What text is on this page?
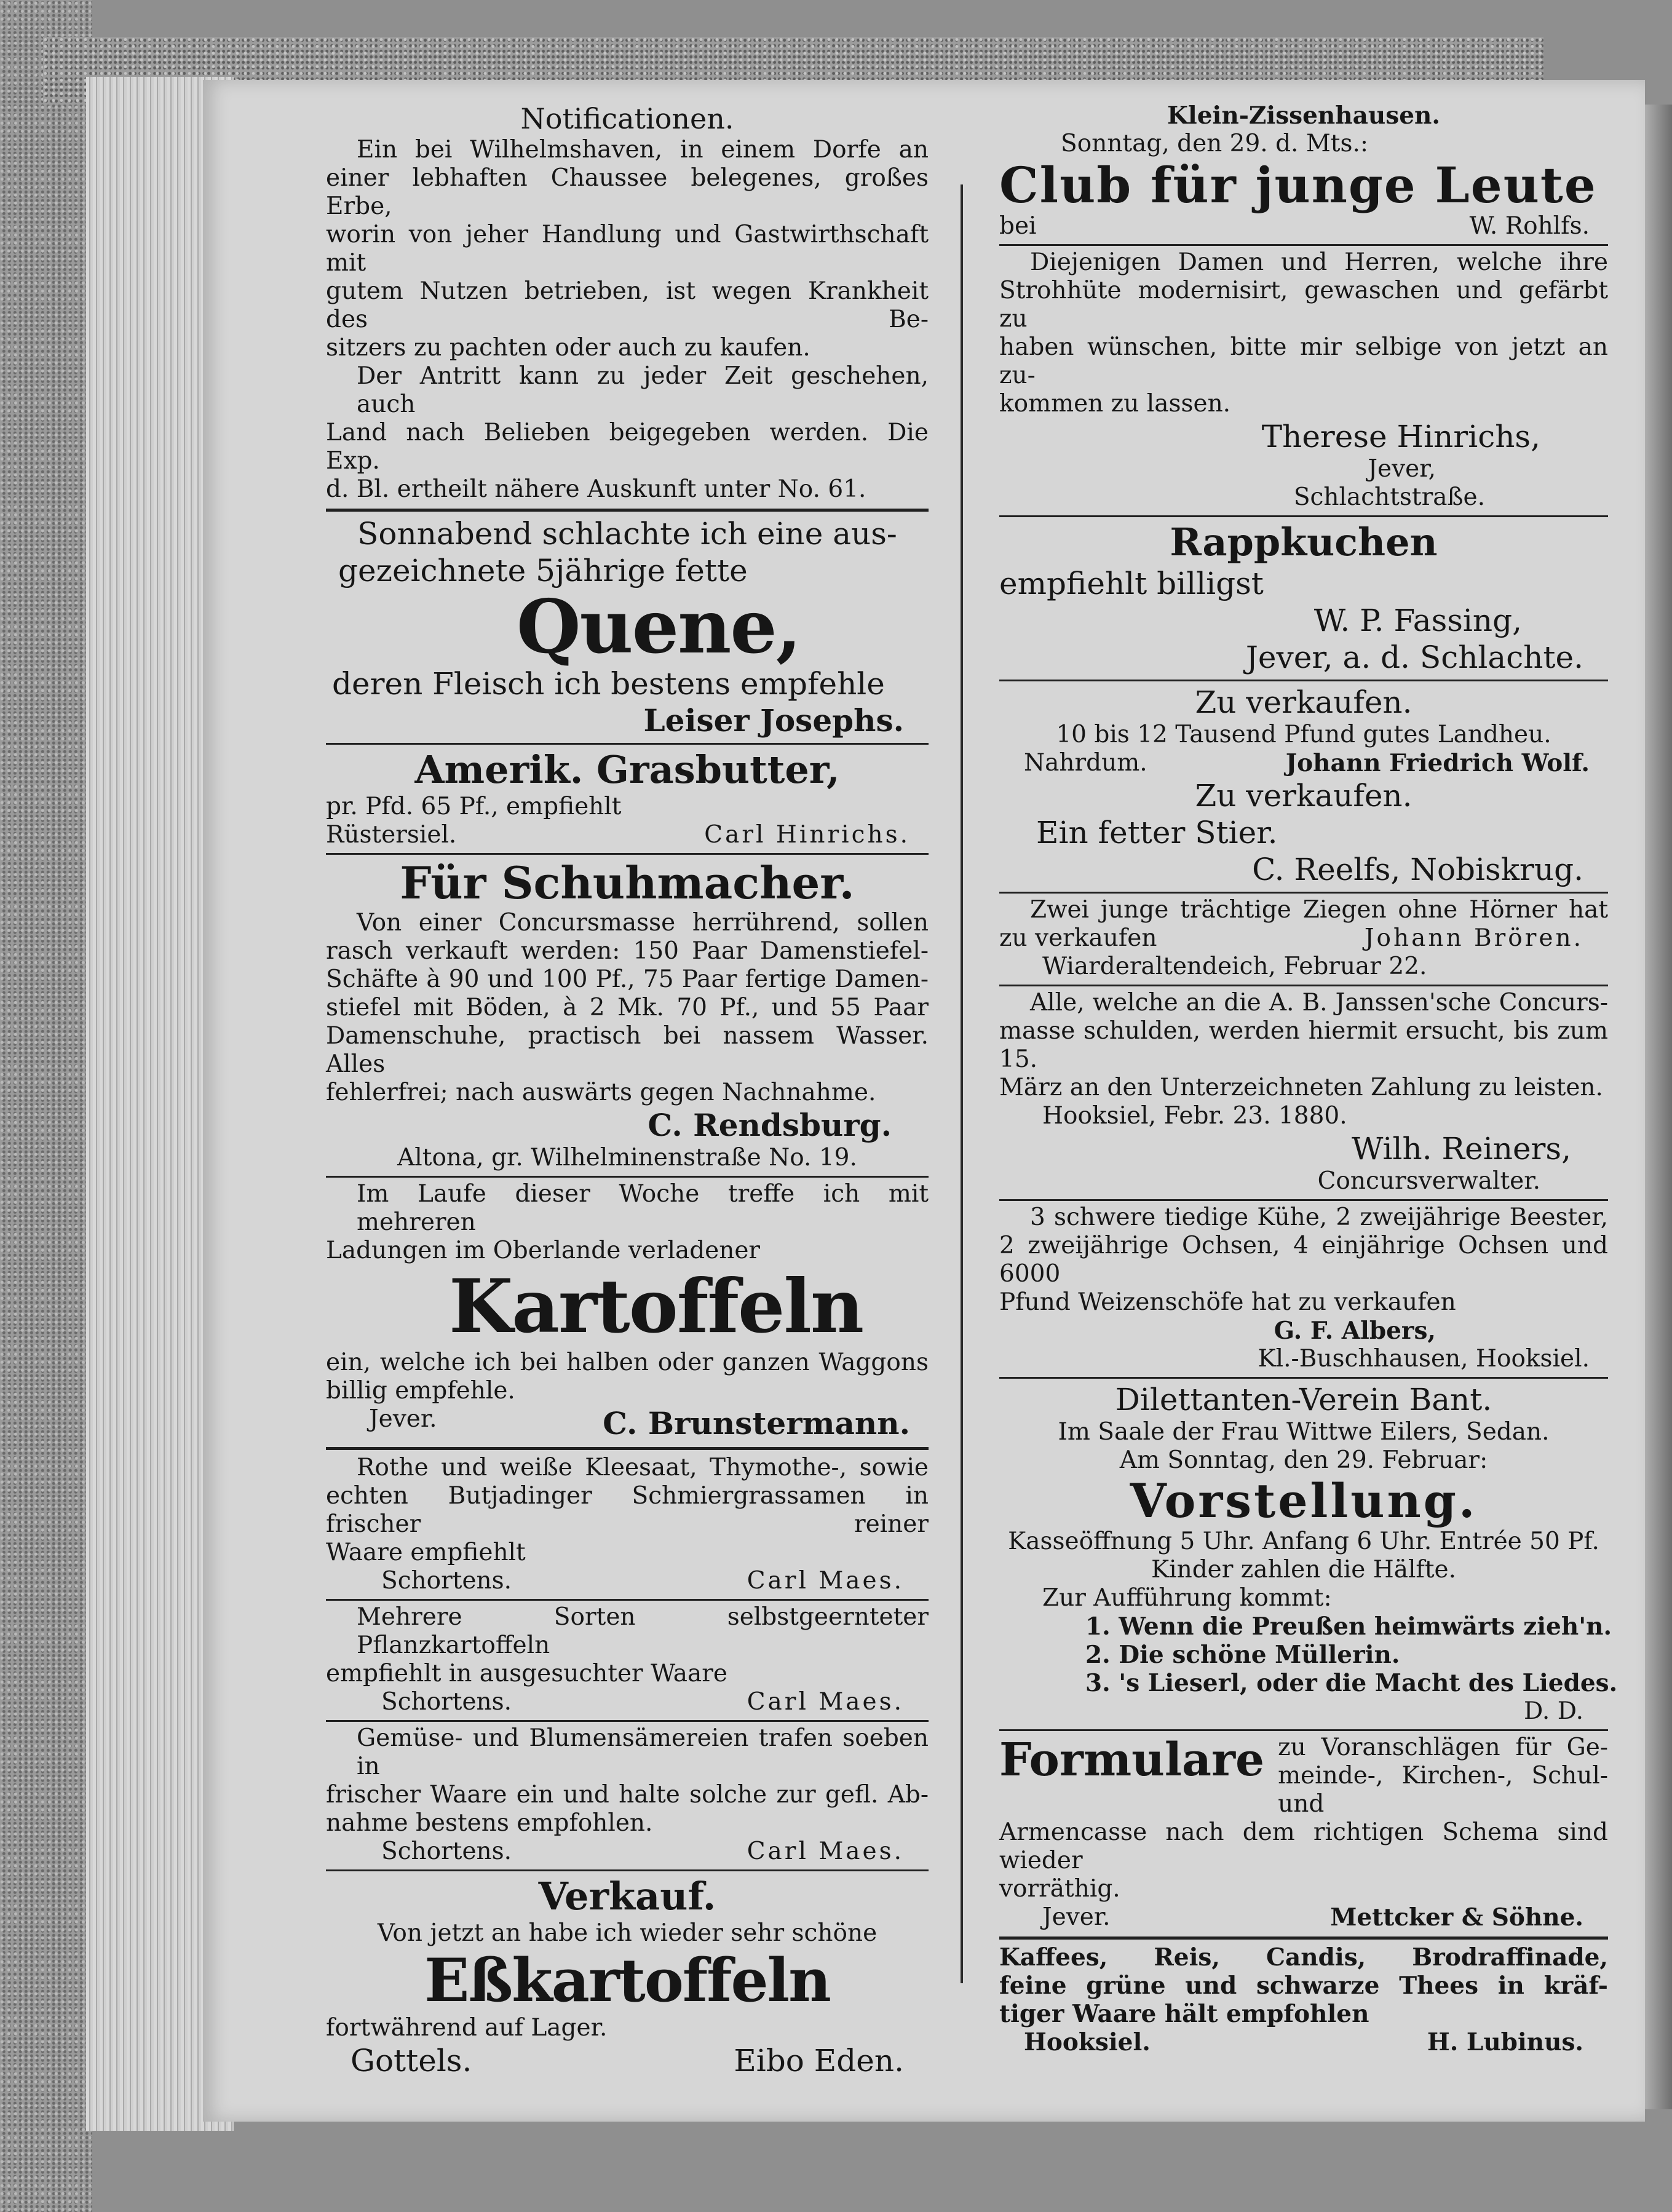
Notificationen.
Ein bei Wilhelmshaven, in einem Dorfe an
einer lebhaften Chaussee belegenes, großes Erbe,
worin von jeher Handlung und Gastwirthschaft mit
gutem Nutzen betrieben, ist wegen Krankheit des Be-
sitzers zu pachten oder auch zu kaufen.
Der Antritt kann zu jeder Zeit geschehen, auch
Land nach Belieben beigegeben werden. Die Exp.
d. Bl. ertheilt nähere Auskunft unter No. 61.
Sonnabend schlachte ich eine aus-
gezeichnete 5jährige fette
Quene,
deren Fleisch ich bestens empfehle
Leiser Josephs.
Amerik. Grasbutter,
pr. Pfd. 65 Pf., empfiehlt
Rüstersiel.	Carl Hinrichs.
Für Schuhmacher.
Von einer Concursmasse herrührend, sollen
rasch verkauft werden: 150 Paar Damenstiefel-
Schäfte à 90 und 100 Pf., 75 Paar fertige Damen-
stiefel mit Böden, à 2 Mk. 70 Pf., und 55 Paar
Damenschuhe, practisch bei nassem Wasser. Alles
fehlerfrei; nach auswärts gegen Nachnahme.
C. Rendsburg.
Altona, gr. Wilhelminenstraße No. 19.
Im Laufe dieser Woche treffe ich mit mehreren
Ladungen im Oberlande verladener
Kartoffeln
ein, welche ich bei halben oder ganzen Waggons
billig empfehle.
Jever.	C. Brunstermann.
Rothe und weiße Kleesaat, Thymothe-, sowie
echten Butjadinger Schmiergrassamen in frischer reiner
Waare empfiehlt
Schortens.	Carl Maes.
Mehrere Sorten selbstgeernteter Pflanzkartoffeln
empfiehlt in ausgesuchter Waare
Schortens.	Carl Maes.
Gemüse- und Blumensämereien trafen soeben in
frischer Waare ein und halte solche zur gefl. Ab-
nahme bestens empfohlen.
Schortens.	Carl Maes.
Verkauf.
Von jetzt an habe ich wieder sehr schöne
Eßkartoffeln
fortwährend auf Lager.
Gottels.	Eibo Eden.
Klein-Zissenhausen.
Sonntag, den 29. d. Mts.:
Club für junge Leute
bei	W. Rohlfs.
Diejenigen Damen und Herren, welche ihre
Strohhüte modernisirt, gewaschen und gefärbt zu
haben wünschen, bitte mir selbige von jetzt an zu-
kommen zu lassen.
Therese Hinrichs,
Jever,
Schlachtstraße.
Rappkuchen
empfiehlt billigst
W. P. Fassing,
Jever, a. d. Schlachte.
Zu verkaufen.
10 bis 12 Tausend Pfund gutes Landheu.
Nahrdum.	Johann Friedrich Wolf.
Zu verkaufen.
Ein fetter Stier.
C. Reelfs, Nobiskrug.
Zwei junge trächtige Ziegen ohne Hörner hat
zu verkaufen	Johann Brören.
Wiarderaltendeich, Februar 22.
Alle, welche an die A. B. Janssen'sche Concurs-
masse schulden, werden hiermit ersucht, bis zum 15.
März an den Unterzeichneten Zahlung zu leisten.
Hooksiel, Febr. 23. 1880.
Wilh. Reiners,
Concursverwalter.
3 schwere tiedige Kühe, 2 zweijährige Beester,
2 zweijährige Ochsen, 4 einjährige Ochsen und 6000
Pfund Weizenschöfe hat zu verkaufen
G. F. Albers,
Kl.-Buschhausen, Hooksiel.
Dilettanten-Verein Bant.
Im Saale der Frau Wittwe Eilers, Sedan.
Am Sonntag, den 29. Februar:
Vorstellung.
Kasseöffnung 5 Uhr. Anfang 6 Uhr. Entrée 50 Pf.
Kinder zahlen die Hälfte.
Zur Aufführung kommt:
1. Wenn die Preußen heimwärts zieh'n.
2. Die schöne Müllerin.
3. 's Lieserl, oder die Macht des Liedes.
D. D.
Formulare zu Voranschlägen für Ge-
meinde-, Kirchen-, Schul- und
Armencasse nach dem richtigen Schema sind wieder
vorräthig.
Jever.	Mettcker & Söhne.
Kaffees, Reis, Candis, Brodraffinade,
feine grüne und schwarze Thees in kräf-
tiger Waare hält empfohlen
Hooksiel.	H. Lubinus.
